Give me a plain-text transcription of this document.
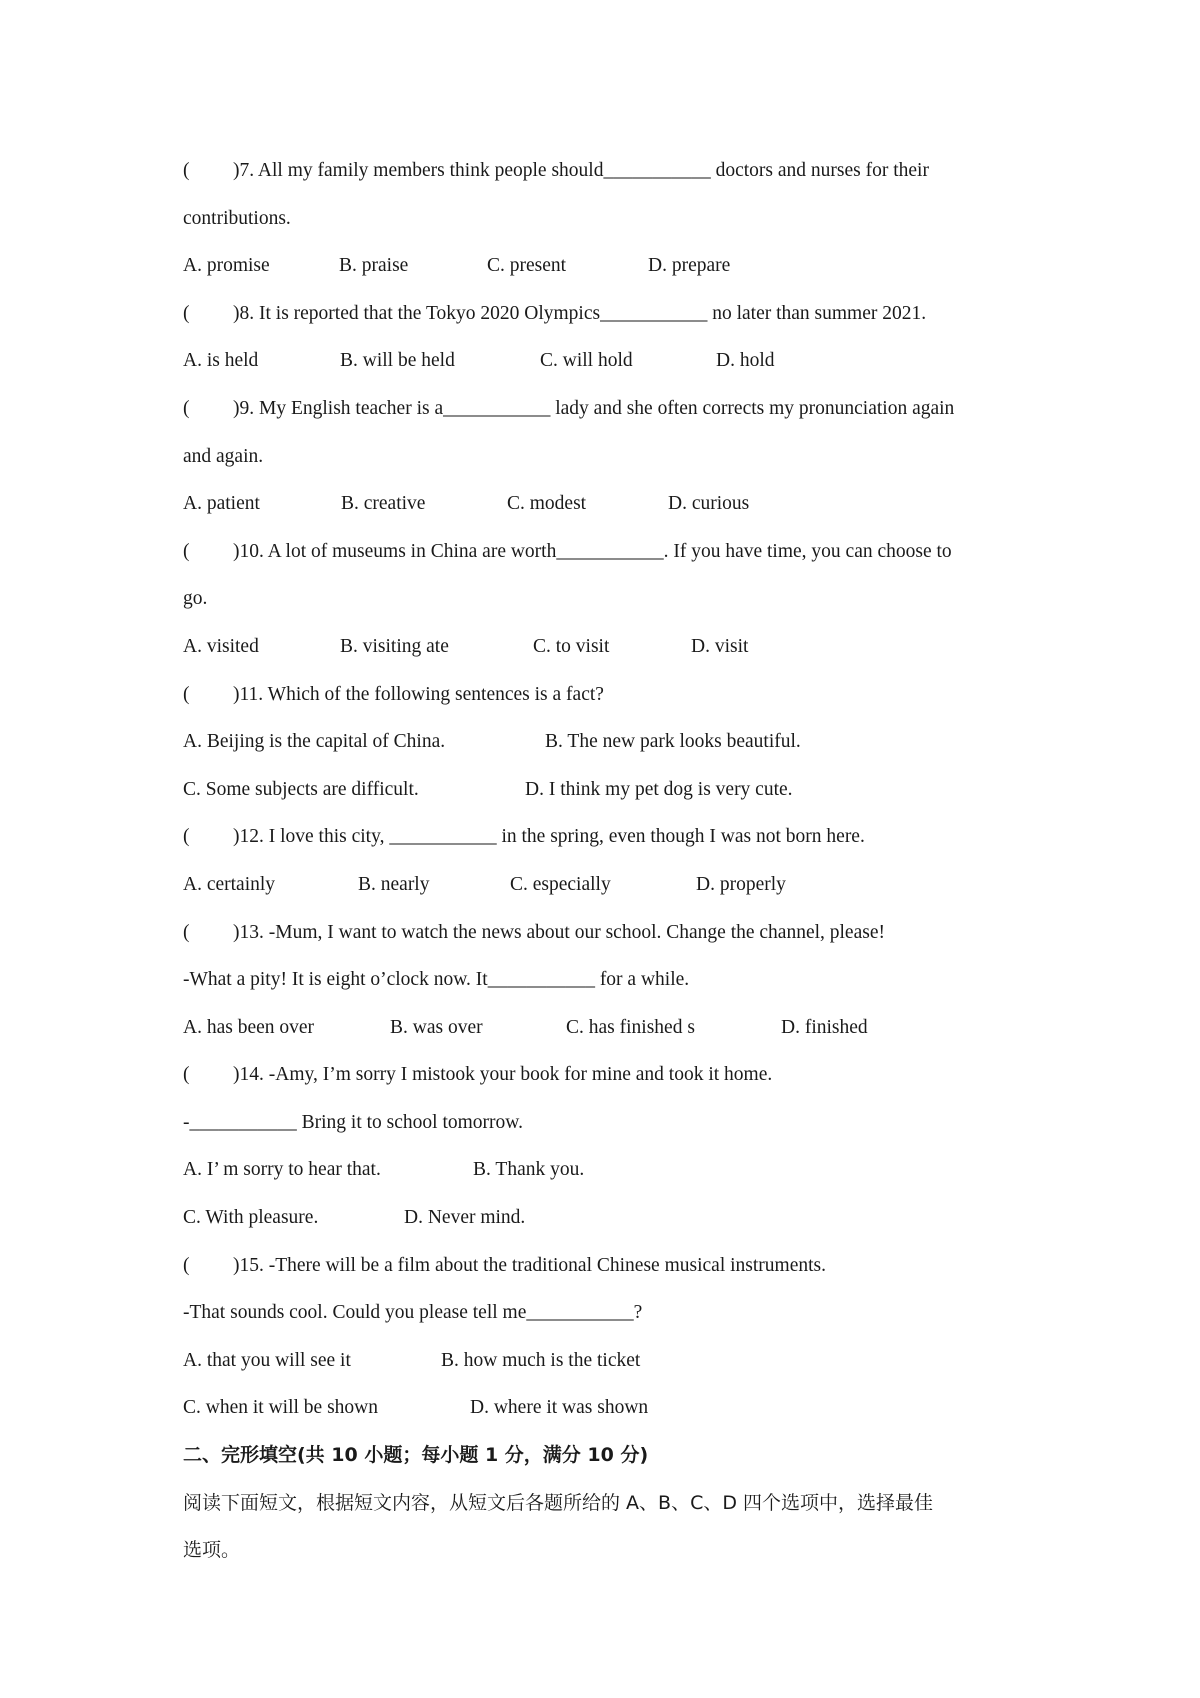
( )7. All my family members think people should___________ doctors and nurses for their
contributions.
A. promise	B. praise	C. present	D. prepare
( )8. It is reported that the Tokyo 2020 Olympics___________ no later than summer 2021.
A. is held	B. will be held	C. will hold	D. hold
( )9. My English teacher is a___________ lady and she often corrects my pronunciation again
and again.
A. patient	B. creative	C. modest	D. curious
( )10. A lot of museums in China are worth___________. If you have time, you can choose to
go.
A. visited	B. visiting ate	C. to visit	D. visit
( )11. Which of the following sentences is a fact?
A. Beijing is the capital of China.	B. The new park looks beautiful.
C. Some subjects are difficult.	D. I think my pet dog is very cute.
( )12. I love this city, ___________ in the spring, even though I was not born here.
A. certainly	B. nearly	C. especially	D. properly
( )13. -Mum, I want to watch the news about our school. Change the channel, please!
-What a pity! It is eight o’clock now. It___________ for a while.
A. has been over	B. was over	C. has finished s	D. finished
( )14. -Amy, I’m sorry I mistook your book for mine and took it home.
-___________ Bring it to school tomorrow.
A. I’ m sorry to hear that.	B. Thank you.
C. With pleasure.	D. Never mind.
( )15. -There will be a film about the traditional Chinese musical instruments.
-That sounds cool. Could you please tell me___________?
A. that you will see it	B. how much is the ticket
C. when it will be shown	D. where it was shown
二、完形填空(共 10 小题；每小题 1 分，满分 10 分)
阅读下面短文，根据短文内容，从短文后各题所给的 A、B、C、D 四个选项中，选择最佳
选项。
